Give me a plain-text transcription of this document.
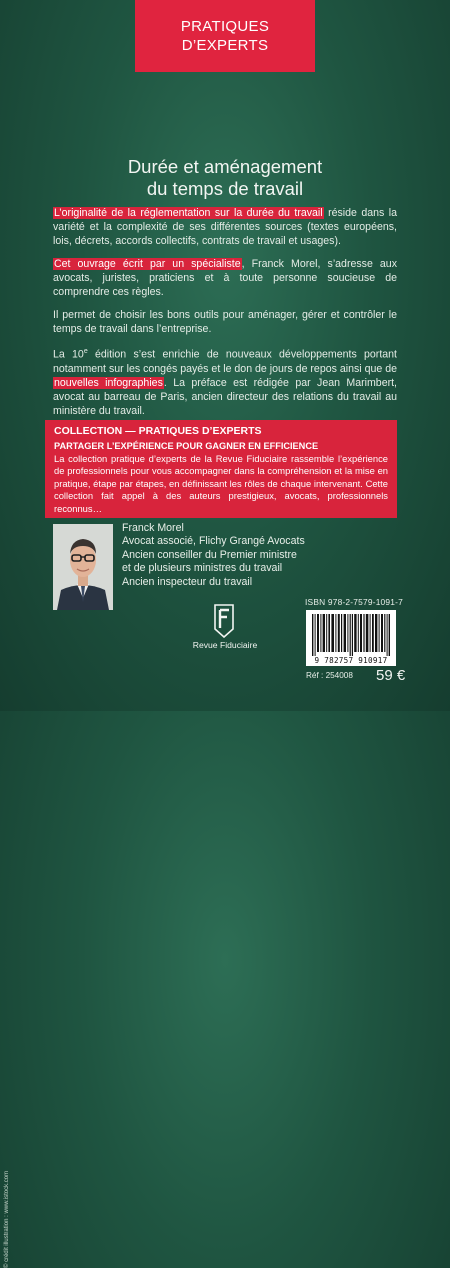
PRATIQUES
D’EXPERTS
Durée et aménagement
du temps de travail

L’originalité de la réglementation sur la durée du travail réside dans la variété et la complexité de ses différentes sources (textes européens, lois, décrets, accords collectifs, contrats de travail et usages).

Cet ouvrage écrit par un spécialiste, Franck Morel, s’adresse aux avocats, juristes, praticiens et à toute personne soucieuse de comprendre ces règles.

Il permet de choisir les bons outils pour aménager, gérer et contrôler le temps de travail dans l’entreprise.

La 10e édition s’est enrichie de nouveaux développements portant notamment sur les congés payés et le don de jours de repos ainsi que de nouvelles infographies. La préface est rédigée par Jean Marimbert, avocat au barreau de Paris, ancien directeur des relations du travail au ministère du travail.

COLLECTION — PRATIQUES D’EXPERTS
PARTAGER L’EXPÉRIENCE POUR GAGNER EN EFFICIENCE
La collection pratique d’experts de la Revue Fiduciaire rassemble l’expérience de professionnels pour vous accompagner dans la compréhension et la mise en pratique, étape par étapes, en définissant les rôles de chaque intervenant. Cette collection fait appel à des auteurs prestigieux, avocats, professionnels reconnus…
Franck Morel
Avocat associé, Flichy Grangé Avocats
Ancien conseiller du Premier ministre
et de plusieurs ministres du travail
Ancien inspecteur du travail
Revue Fiduciaire
ISBN 978-2-7579-1091-7
9 782757 910917
Réf : 254008 59 €
© crédit illustration : www.istock.com
